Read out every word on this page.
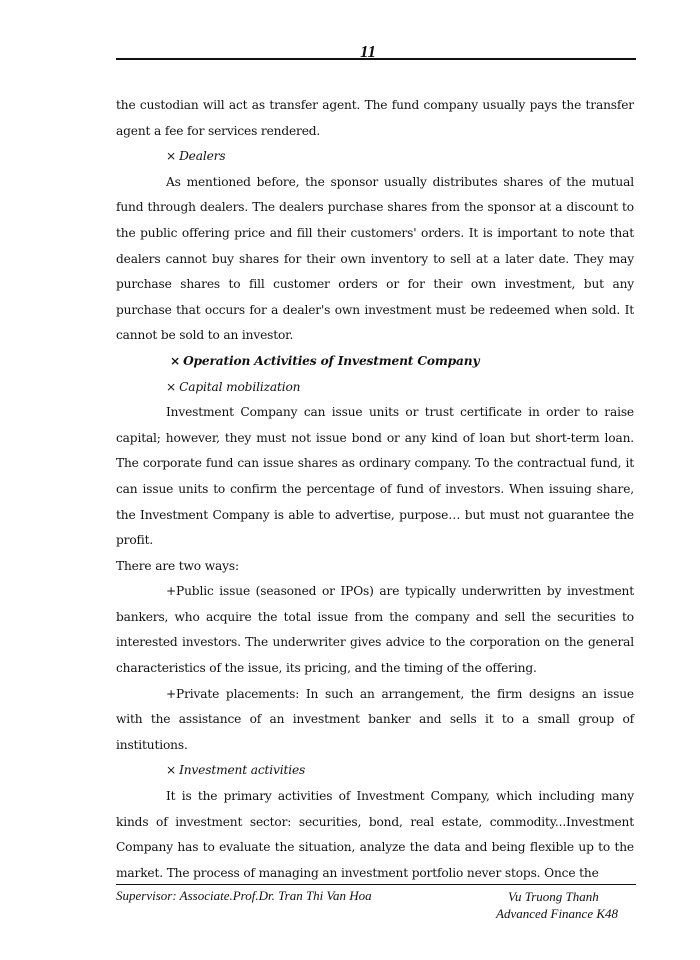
11

the custodian will act as transfer agent. The fund company usually pays the transfer agent a fee for services rendered.

× Dealers

As mentioned before, the sponsor usually distributes shares of the mutual fund through dealers. The dealers purchase shares from the sponsor at a discount to the public offering price and fill their customers' orders. It is important to note that dealers cannot buy shares for their own inventory to sell at a later date. They may purchase shares to fill customer orders or for their own investment, but any purchase that occurs for a dealer's own investment must be redeemed when sold. It cannot be sold to an investor.

× Operation Activities of Investment Company

× Capital mobilization

Investment Company can issue units or trust certificate in order to raise capital; however, they must not issue bond or any kind of loan but short-term loan. The corporate fund can issue shares as ordinary company. To the contractual fund, it can issue units to confirm the percentage of fund of investors. When issuing share, the Investment Company is able to advertise, purpose… but must not guarantee the profit.

There are two ways:

+Public issue (seasoned or IPOs) are typically underwritten by investment bankers, who acquire the total issue from the company and sell the securities to interested investors. The underwriter gives advice to the corporation on the general characteristics of the issue, its pricing, and the timing of the offering.

+Private placements: In such an arrangement, the firm designs an issue with the assistance of an investment banker and sells it to a small group of institutions.

× Investment activities

It is the primary activities of Investment Company, which including many kinds of investment sector: securities, bond, real estate, commodity...Investment Company has to evaluate the situation, analyze the data and being flexible up to the market. The process of managing an investment portfolio never stops. Once the

Supervisor: Associate.Prof.Dr. Tran Thi Van Hoa	Vu Truong Thanh
Advanced Finance K48
